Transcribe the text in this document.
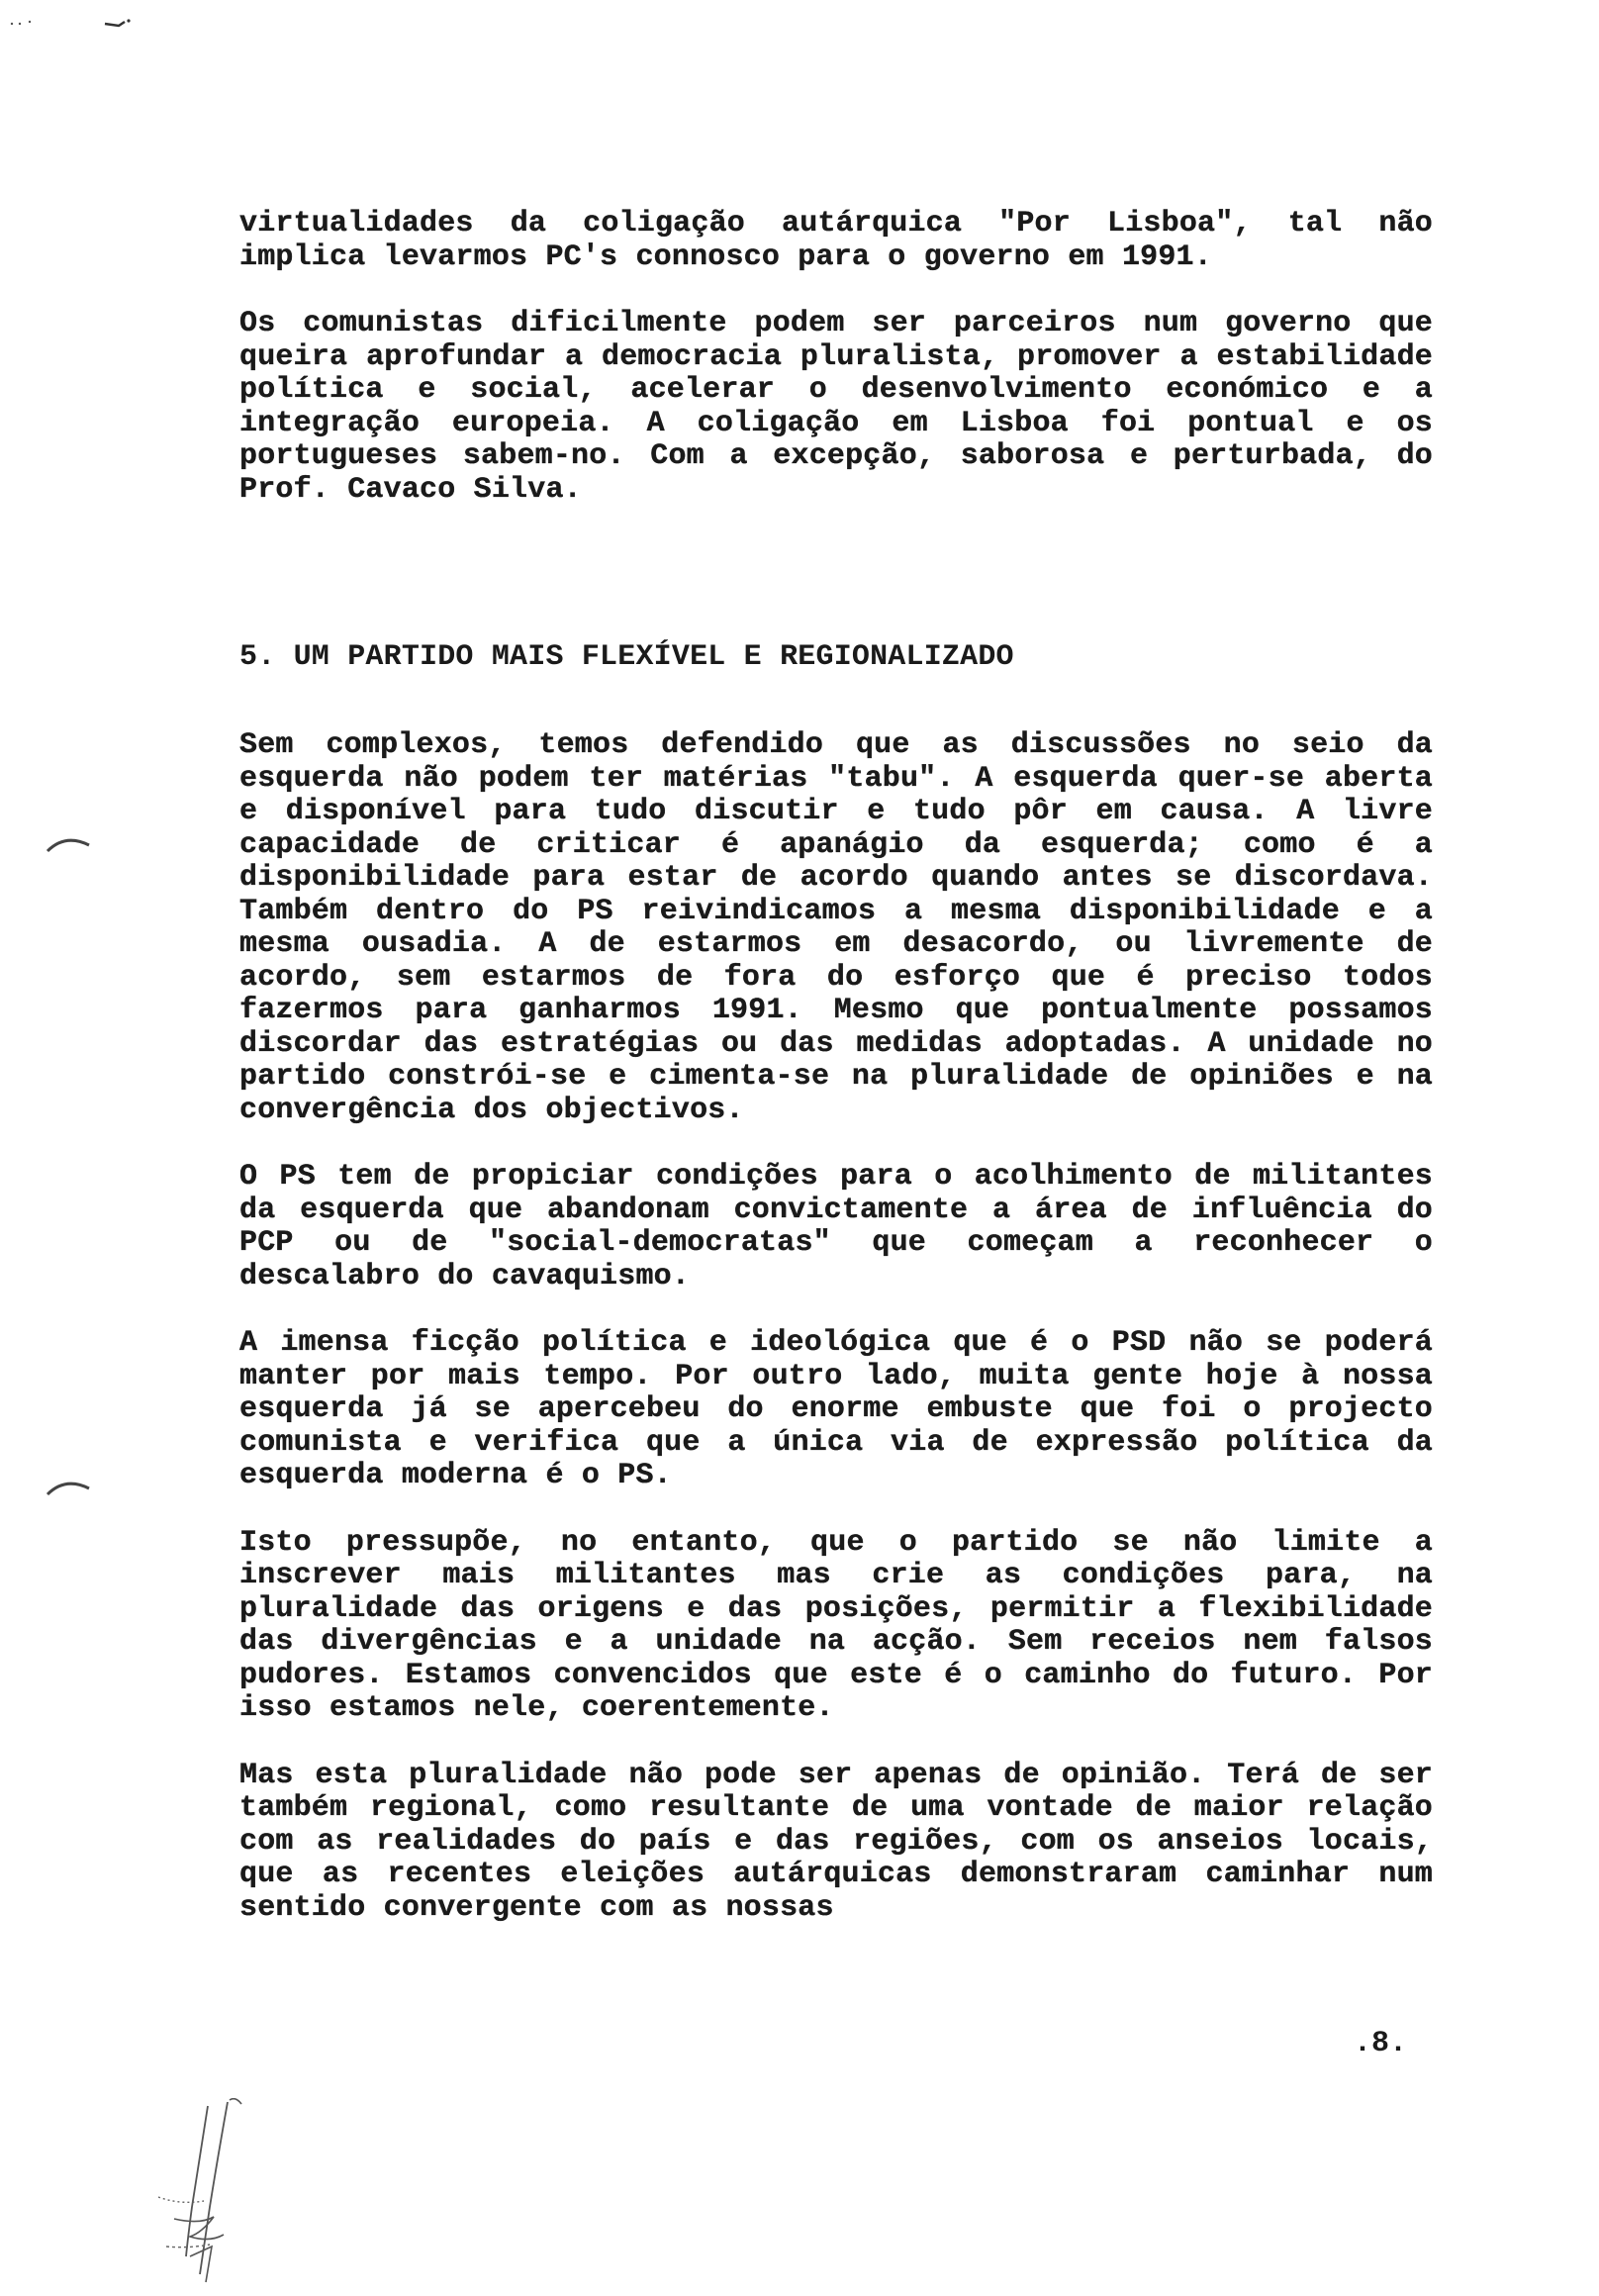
virtualidades da coligação autárquica "Por Lisboa", tal não implica levarmos PC's connosco para o governo em 1991.

Os comunistas dificilmente podem ser parceiros num governo que queira aprofundar a democracia pluralista, promover a estabilidade política e social, acelerar o desenvolvimento económico e a integração europeia. A coligação em Lisboa foi pontual e os portugueses sabem-no. Com a excepção, saborosa e perturbada, do Prof. Cavaco Silva.

5. UM PARTIDO MAIS FLEXÍVEL E REGIONALIZADO

Sem complexos, temos defendido que as discussões no seio da esquerda não podem ter matérias "tabu". A esquerda quer-se aberta e disponível para tudo discutir e tudo pôr em causa. A livre capacidade de criticar é apanágio da esquerda; como é a disponibilidade para estar de acordo quando antes se discordava. Também dentro do PS reivindicamos a mesma disponibilidade e a mesma ousadia. A de estarmos em desacordo, ou livremente de acordo, sem estarmos de fora do esforço que é preciso todos fazermos para ganharmos 1991. Mesmo que pontualmente possamos discordar das estratégias ou das medidas adoptadas. A unidade no partido constrói-se e cimenta-se na pluralidade de opiniões e na convergência dos objectivos.

O PS tem de propiciar condições para o acolhimento de militantes da esquerda que abandonam convictamente a área de influência do PCP ou de "social-democratas" que começam a reconhecer o descalabro do cavaquismo.

A imensa ficção política e ideológica que é o PSD não se poderá manter por mais tempo. Por outro lado, muita gente hoje à nossa esquerda já se apercebeu do enorme embuste que foi o projecto comunista e verifica que a única via de expressão política da esquerda moderna é o PS.

Isto pressupõe, no entanto, que o partido se não limite a inscrever mais militantes mas crie as condições para, na pluralidade das origens e das posições, permitir a flexibilidade das divergências e a unidade na acção. Sem receios nem falsos pudores. Estamos convencidos que este é o caminho do futuro. Por isso estamos nele, coerentemente.

Mas esta pluralidade não pode ser apenas de opinião. Terá de ser também regional, como resultante de uma vontade de maior relação com as realidades do país e das regiões, com os anseios locais, que as recentes eleições autárquicas demonstraram caminhar num sentido convergente com as nossas

.8.
